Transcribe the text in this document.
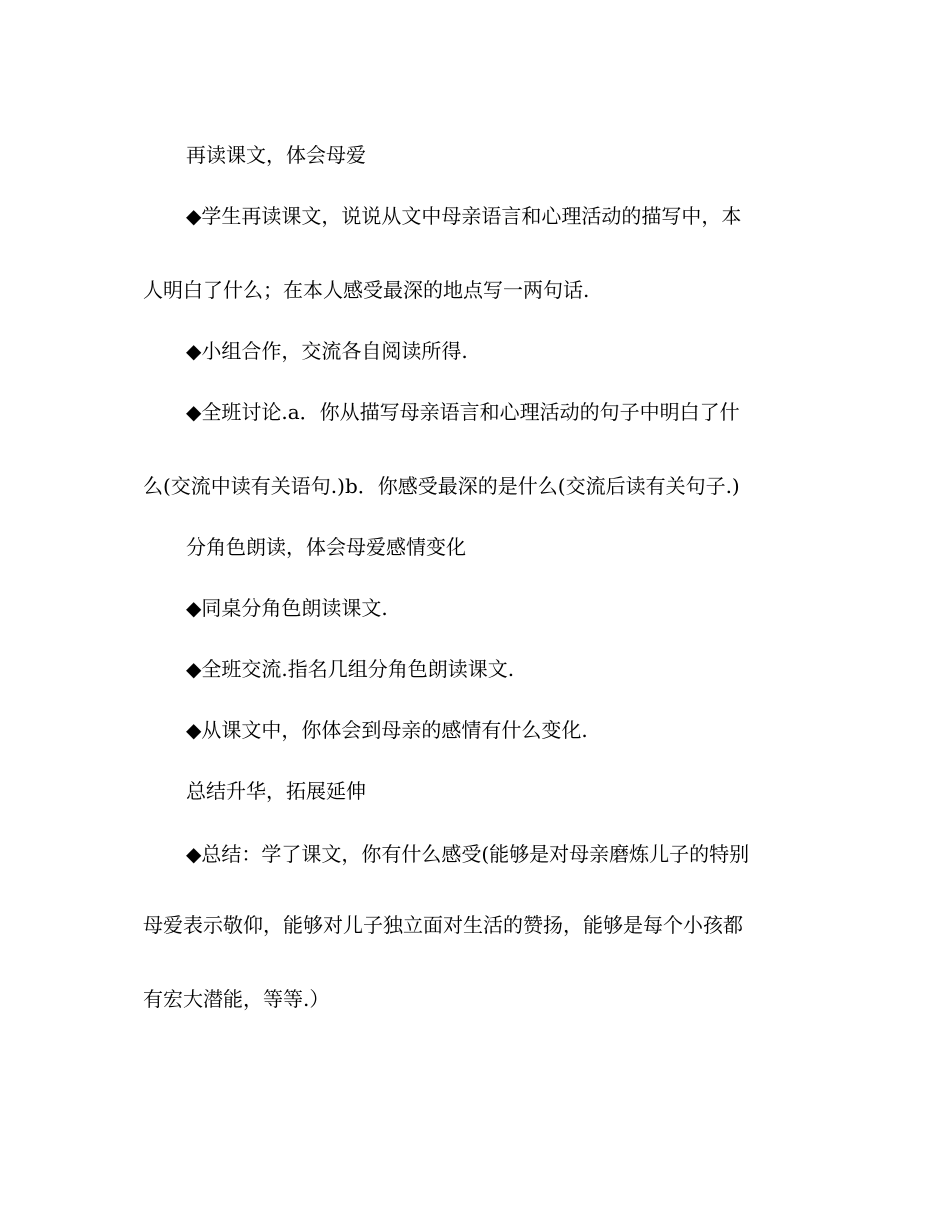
再读课文，体会母爱
◆学生再读课文，说说从文中母亲语言和心理活动的描写中，本
人明白了什么；在本人感受最深的地点写一两句话.
◆小组合作，交流各自阅读所得.
◆全班讨论.a．你从描写母亲语言和心理活动的句子中明白了什
么(交流中读有关语句.)b．你感受最深的是什么(交流后读有关句子.)
分角色朗读，体会母爱感情变化
◆同桌分角色朗读课文.
◆全班交流.指名几组分角色朗读课文.
◆从课文中，你体会到母亲的感情有什么变化.
总结升华，拓展延伸
◆总结：学了课文，你有什么感受(能够是对母亲磨炼儿子的特别
母爱表示敬仰，能够对儿子独立面对生活的赞扬，能够是每个小孩都
有宏大潜能，等等.）
